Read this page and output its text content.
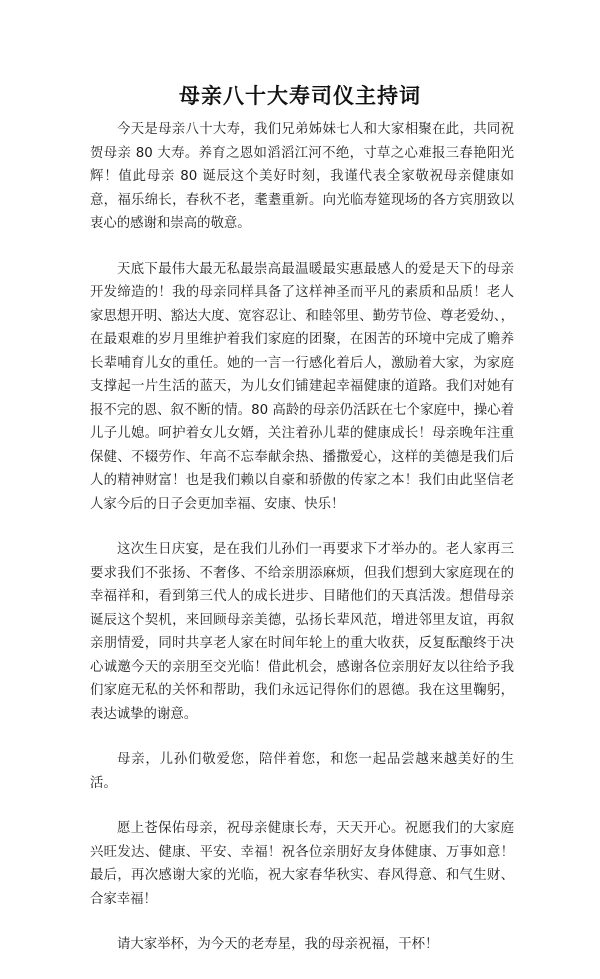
母亲八十大寿司仪主持词

今天是母亲八十大寿，我们兄弟姊妹七人和大家相聚在此，共同祝贺母亲 80 大寿。养育之恩如滔滔江河不绝，寸草之心难报三春艳阳光辉！值此母亲 80 诞辰这个美好时刻，我谨代表全家敬祝母亲健康如意，福乐绵长，春秋不老，耄耋重新。向光临寿筵现场的各方宾朋致以衷心的感谢和崇高的敬意。

天底下最伟大最无私最崇高最温暖最实惠最感人的爱是天下的母亲开发缔造的！我的母亲同样具备了这样神圣而平凡的素质和品质！老人家思想开明、豁达大度、宽容忍让、和睦邻里、勤劳节俭、尊老爱幼、，在最艰难的岁月里维护着我们家庭的团聚，在困苦的环境中完成了赡养长辈哺育儿女的重任。她的一言一行感化着后人，激励着大家，为家庭支撑起一片生活的蓝天，为儿女们铺建起幸福健康的道路。我们对她有报不完的恩、叙不断的情。80 高龄的母亲仍活跃在七个家庭中，操心着儿子儿媳。呵护着女儿女婿，关注着孙儿辈的健康成长！母亲晚年注重保健、不辍劳作、年高不忘奉献余热、播撒爱心，这样的美德是我们后人的精神财富！也是我们赖以自豪和骄傲的传家之本！我们由此坚信老人家今后的日子会更加幸福、安康、快乐！

这次生日庆宴，是在我们儿孙们一再要求下才举办的。老人家再三要求我们不张扬、不奢侈、不给亲朋添麻烦，但我们想到大家庭现在的幸福祥和，看到第三代人的成长进步、目睹他们的天真活泼。想借母亲诞辰这个契机，来回顾母亲美德，弘扬长辈风范，增进邻里友谊，再叙亲朋情爱，同时共享老人家在时间年轮上的重大收获，反复酝酿终于决心诚邀今天的亲朋至交光临！借此机会，感谢各位亲朋好友以往给予我们家庭无私的关怀和帮助，我们永远记得你们的恩德。我在这里鞠躬，表达诚挚的谢意。

母亲，儿孙们敬爱您，陪伴着您，和您一起品尝越来越美好的生活。

愿上苍保佑母亲，祝母亲健康长寿，天天开心。祝愿我们的大家庭兴旺发达、健康、平安、幸福！祝各位亲朋好友身体健康、万事如意！最后，再次感谢大家的光临，祝大家春华秋实、春风得意、和气生财、合家幸福！

请大家举杯，为今天的老寿星，我的母亲祝福，干杯！
